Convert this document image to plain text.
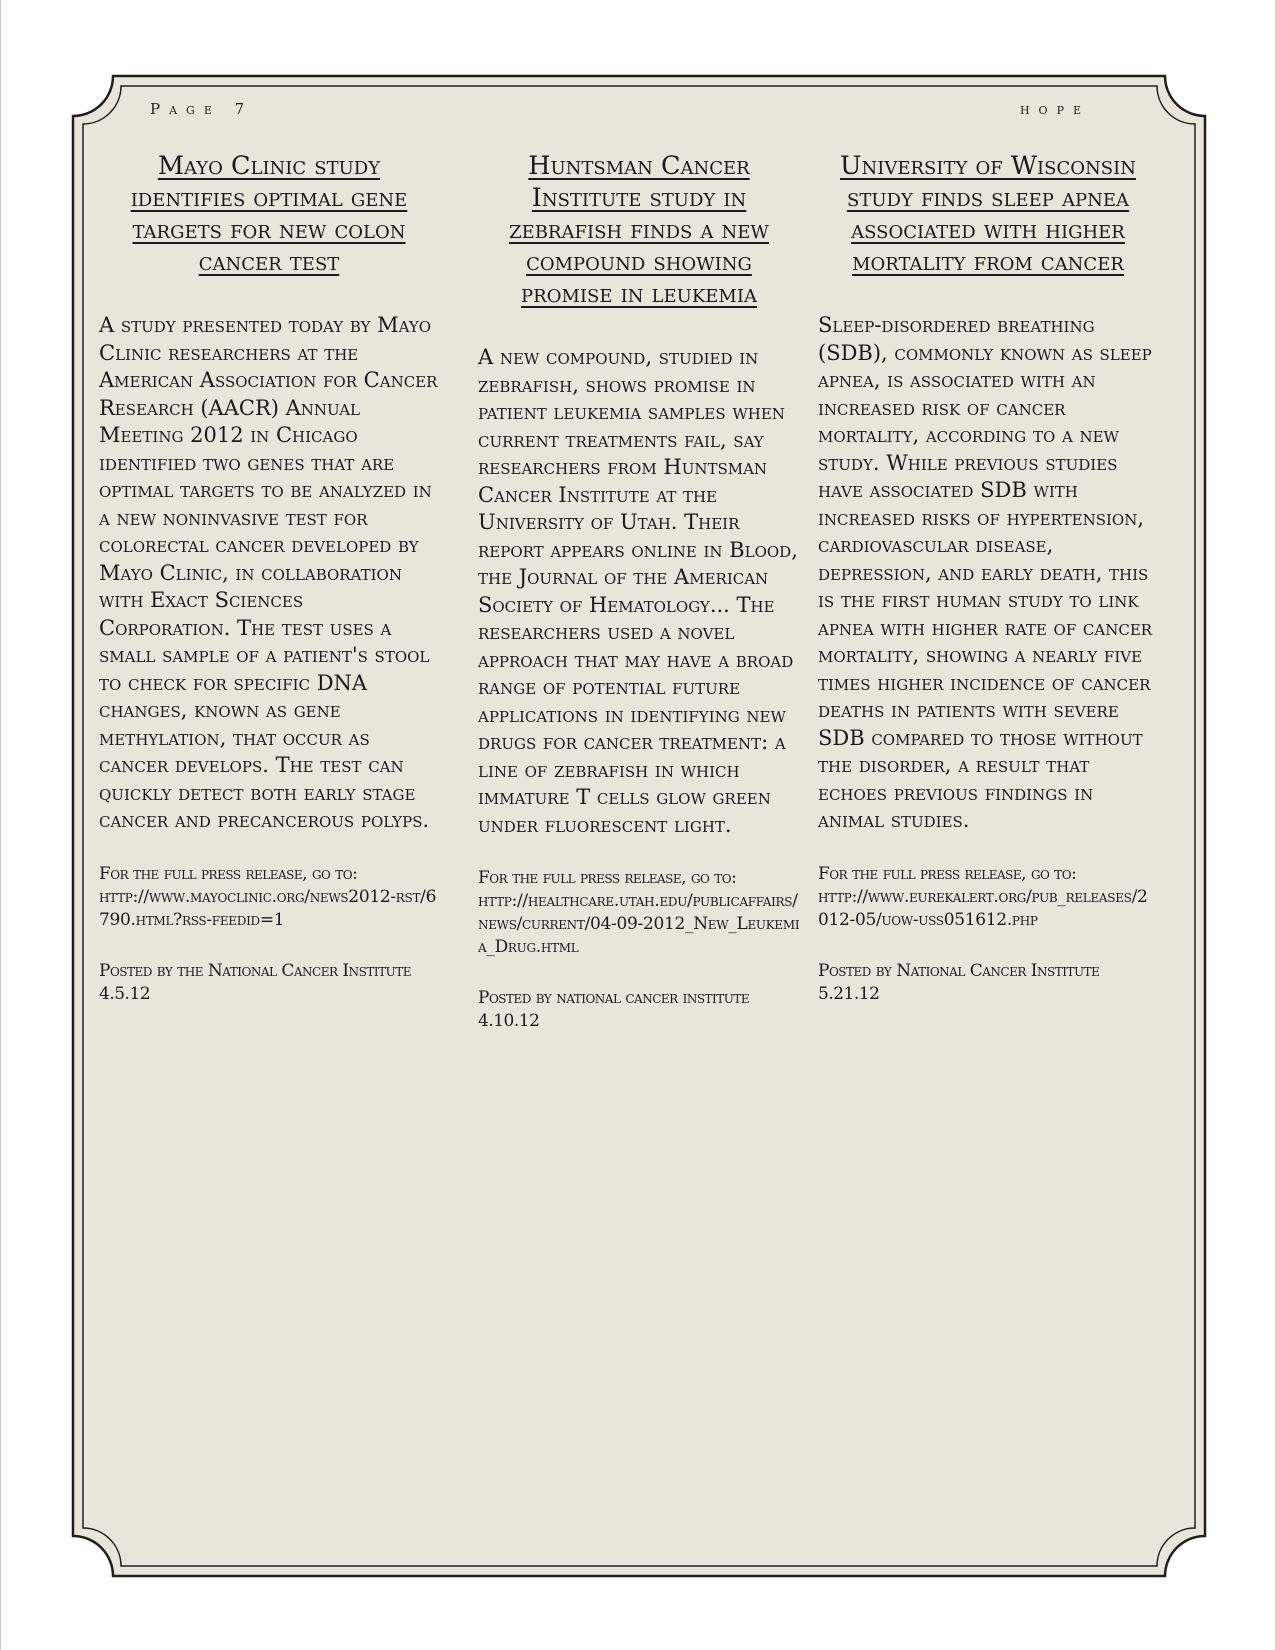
Page 7	hope
Mayo Clinic study identifies optimal gene targets for new colon cancer test

A study presented today by Mayo Clinic researchers at the American Association for Cancer Research (AACR) Annual Meeting 2012 in Chicago identified two genes that are optimal targets to be analyzed in a new noninvasive test for colorectal cancer developed by Mayo Clinic, in collaboration with Exact Sciences Corporation. The test uses a small sample of a patient's stool to check for specific DNA changes, known as gene methylation, that occur as cancer develops. The test can quickly detect both early stage cancer and precancerous polyps.

For the full press release, go to:

http://www.mayoclinic.org/news2012-rst/6790.html?rss-feedid=1

Posted by the National Cancer Institute 4.5.12

Huntsman Cancer Institute study in zebrafish finds a new compound showing promise in leukemia

A new compound, studied in zebrafish, shows promise in patient leukemia samples when current treatments fail, say researchers from Huntsman Cancer Institute at the University of Utah. Their report appears online in Blood, the Journal of the American Society of Hematology... The researchers used a novel approach that may have a broad range of potential future applications in identifying new drugs for cancer treatment: a line of zebrafish in which immature T cells glow green under fluorescent light.

For the full press release, go to:

http://healthcare.utah.edu/publicaffairs/news/current/04-09-2012_New_Leukemia_Drug.html

Posted by national cancer institute 4.10.12

University of Wisconsin study finds sleep apnea associated with higher mortality from cancer

Sleep-disordered breathing (SDB), commonly known as sleep apnea, is associated with an increased risk of cancer mortality, according to a new study. While previous studies have associated SDB with increased risks of hypertension, cardiovascular disease, depression, and early death, this is the first human study to link apnea with higher rate of cancer mortality, showing a nearly five times higher incidence of cancer deaths in patients with severe SDB compared to those without the disorder, a result that echoes previous findings in animal studies.

For the full press release, go to:

http://www.eurekalert.org/pub_releases/2012-05/uow-uss051612.php

Posted by National Cancer Institute 5.21.12
